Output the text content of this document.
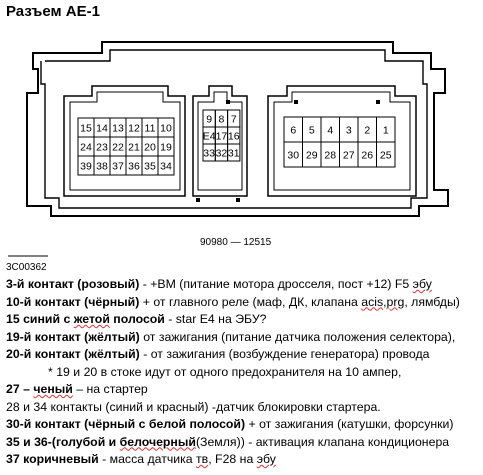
Разъем АЕ-1
15 14 13 12 11 10
24 23 22 21 20 19
39 38 37 36 35 34
9 8 7
E4 17 16
33 32 31
6 5 4 3 2 1
30 29 28 27 26 25
90980 — 12515
3C00362
3-й контакт (розовый) - +ВМ (питание мотора дросселя, пост +12) F5 эбу
10-й контакт (чёрный) + от главного реле (маф, ДК, клапана acis,prg, лямбды)
15 синий с жетой полосой - star E4 на ЭБУ?
19-й контакт (жёлтый) от зажигания (питание датчика положения селектора),
20-й контакт (жёлтый) - от зажигания (возбуждение генератора) провода
* 19 и 20 в стоке идут от одного предохранителя на 10 ампер,
27 – ченый – на стартер
28 и 34 контакты (синий и красный) -датчик блокировки стартера.
30-й контакт (чёрный с белой полосой) + от зажигания (катушки, форсунки)
35 и 36-(голубой и белочерный(Земля)) - активация клапана кондиционера
37 коричневый - масса датчика тв, F28 на эбу
